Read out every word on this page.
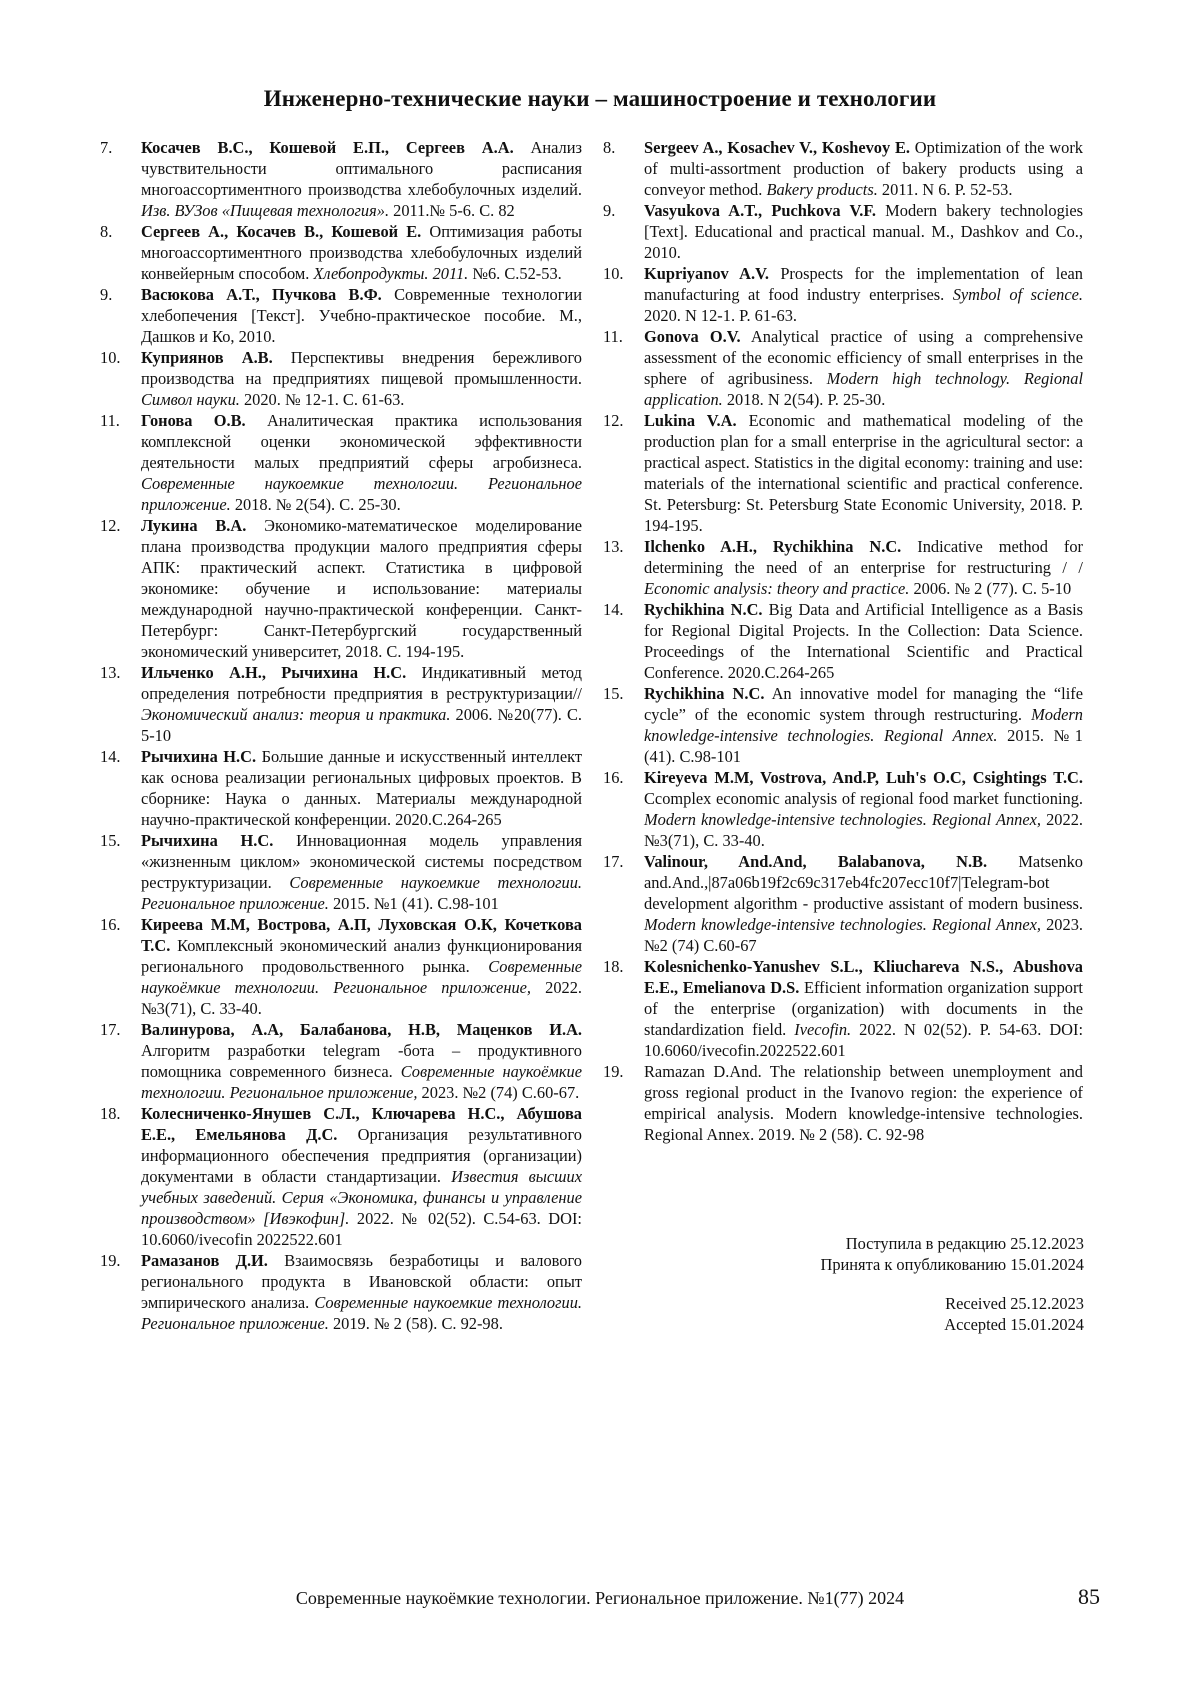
Инженерно-технические науки – машиностроение и технологии
7. Косачев В.С., Кошевой Е.П., Сергеев А.А. Анализ чувствительности оптимального расписания многоассортиментного производства хлебобулочных изделий. Изв. ВУЗов «Пищевая технология». 2011.№ 5-6. С. 82
8. Сергеев А., Косачев В., Кошевой Е. Оптимизация работы многоассортиментного производства хлебобулочных изделий конвейерным способом. Хлебопродукты. 2011. №6. С.52-53.
9. Васюкова А.Т., Пучкова В.Ф. Современные технологии хлебопечения [Текст]. Учебно-практическое пособие. М., Дашков и Ко, 2010.
10. Куприянов А.В. Перспективы внедрения бережливого производства на предприятиях пищевой промышленности. Символ науки. 2020. № 12-1. С. 61-63.
11. Гонова О.В. Аналитическая практика использования комплексной оценки экономической эффективности деятельности малых предприятий сферы агробизнеса. Современные наукоемкие технологии. Региональное приложение. 2018. № 2(54). С. 25-30.
12. Лукина В.А. Экономико-математическое моделирование плана производства продукции малого предприятия сферы АПК: практический аспект. Статистика в цифровой экономике: обучение и использование: материалы международной научно-практической конференции. Санкт-Петербург: Санкт-Петербургский государственный экономический университет, 2018. С. 194-195.
13. Ильченко А.Н., Рычихина Н.С. Индикативный метод определения потребности предприятия в реструктуризации//Экономический анализ: теория и практика. 2006. №20(77). С. 5-10
14. Рычихина Н.С. Большие данные и искусственный интеллект как основа реализации региональных цифровых проектов. В сборнике: Наука о данных. Материалы международной научно-практической конференции. 2020.С.264-265
15. Рычихина Н.С. Инновационная модель управления «жизненным циклом» экономической системы посредством реструктуризации. Современные наукоемкие технологии. Региональное приложение. 2015. №1 (41). С.98-101
16. Киреева М.М, Вострова, А.П, Луховская О.К, Кочеткова Т.С. Комплексный экономический анализ функционирования регионального продовольственного рынка. Современные наукоёмкие технологии. Региональное приложение, 2022. №3(71), С. 33-40.
17. Валинурова, А.А, Балабанова, Н.В, Маценков И.А. Алгоритм разработки telegram -бота – продуктивного помощника современного бизнеса. Современные наукоёмкие технологии. Региональное приложение, 2023. №2 (74) С.60-67.
18. Колесниченко-Янушев С.Л., Ключарева Н.С., Абушова Е.Е., Емельянова Д.С. Организация результативного информационного обеспечения предприятия (организации) документами в области стандартизации. Известия высших учебных заведений. Серия «Экономика, финансы и управление производством» [Ивэкофин]. 2022. № 02(52). С.54-63. DOI: 10.6060/ivecofin 2022522.601
19. Рамазанов Д.И. Взаимосвязь безработицы и валового регионального продукта в Ивановской области: опыт эмпирического анализа. Современные наукоемкие технологии. Региональное приложение. 2019. № 2 (58). С. 92-98.
8. Sergeev A., Kosachev V., Koshevoy E. Optimization of the work of multi-assortment production of bakery products using a conveyor method. Bakery products. 2011. N 6. P. 52-53.
9. Vasyukova A.T., Puchkova V.F. Modern bakery technologies [Text]. Educational and practical manual. M., Dashkov and Co., 2010.
10. Kupriyanov A.V. Prospects for the implementation of lean manufacturing at food industry enterprises. Symbol of science. 2020. N 12-1. P. 61-63.
11. Gonova O.V. Analytical practice of using a comprehensive assessment of the economic efficiency of small enterprises in the sphere of agribusiness. Modern high technology. Regional application. 2018. N 2(54). P. 25-30.
12. Lukina V.A. Economic and mathematical modeling of the production plan for a small enterprise in the agricultural sector: a practical aspect. Statistics in the digital economy: training and use: materials of the international scientific and practical conference. St. Petersburg: St. Petersburg State Economic University, 2018. P. 194-195.
13. Ilchenko A.H., Rychikhina N.C. Indicative method for determining the need of an enterprise for restructuring / / Economic analysis: theory and practice. 2006. № 2 (77). C. 5-10
14. Rychikhina N.C. Big Data and Artificial Intelligence as a Basis for Regional Digital Projects. In the Collection: Data Science. Proceedings of the International Scientific and Practical Conference. 2020.C.264-265
15. Rychikhina N.C. An innovative model for managing the “life cycle” of the economic system through restructuring. Modern knowledge-intensive technologies. Regional Annex. 2015. №1 (41). C.98-101
16. Kireyeva M.M, Vostrova, And.P, Luh's O.C, Csightings T.C. Ccomplex economic analysis of regional food market functioning. Modern knowledge-intensive technologies. Regional Annex, 2022. №3(71), C. 33-40.
17. Valinour, And.And, Balabanova, N.B. Matsenko and.And.,|87a06b19f2c69c317eb4fc207ecc10f7|Telegram-bot development algorithm - productive assistant of modern business. Modern knowledge-intensive technologies. Regional Annex, 2023. №2 (74) C.60-67
18. Kolesnichenko-Yanushev S.L., Kliuchareva N.S., Abushova E.E., Emelianova D.S. Efficient information organization support of the enterprise (organization) with documents in the standardization field. Ivecofin. 2022. N 02(52). P. 54-63. DOI: 10.6060/ivecofin.2022522.601
19. Ramazan D.And. The relationship between unemployment and gross regional product in the Ivanovo region: the experience of empirical analysis. Modern knowledge-intensive technologies. Regional Annex. 2019. № 2 (58). C. 92-98
Поступила в редакцию 25.12.2023
Принята к опубликованию 15.01.2024
Received 25.12.2023
Accepted 15.01.2024
Современные наукоёмкие технологии. Региональное приложение. №1(77) 2024	85
